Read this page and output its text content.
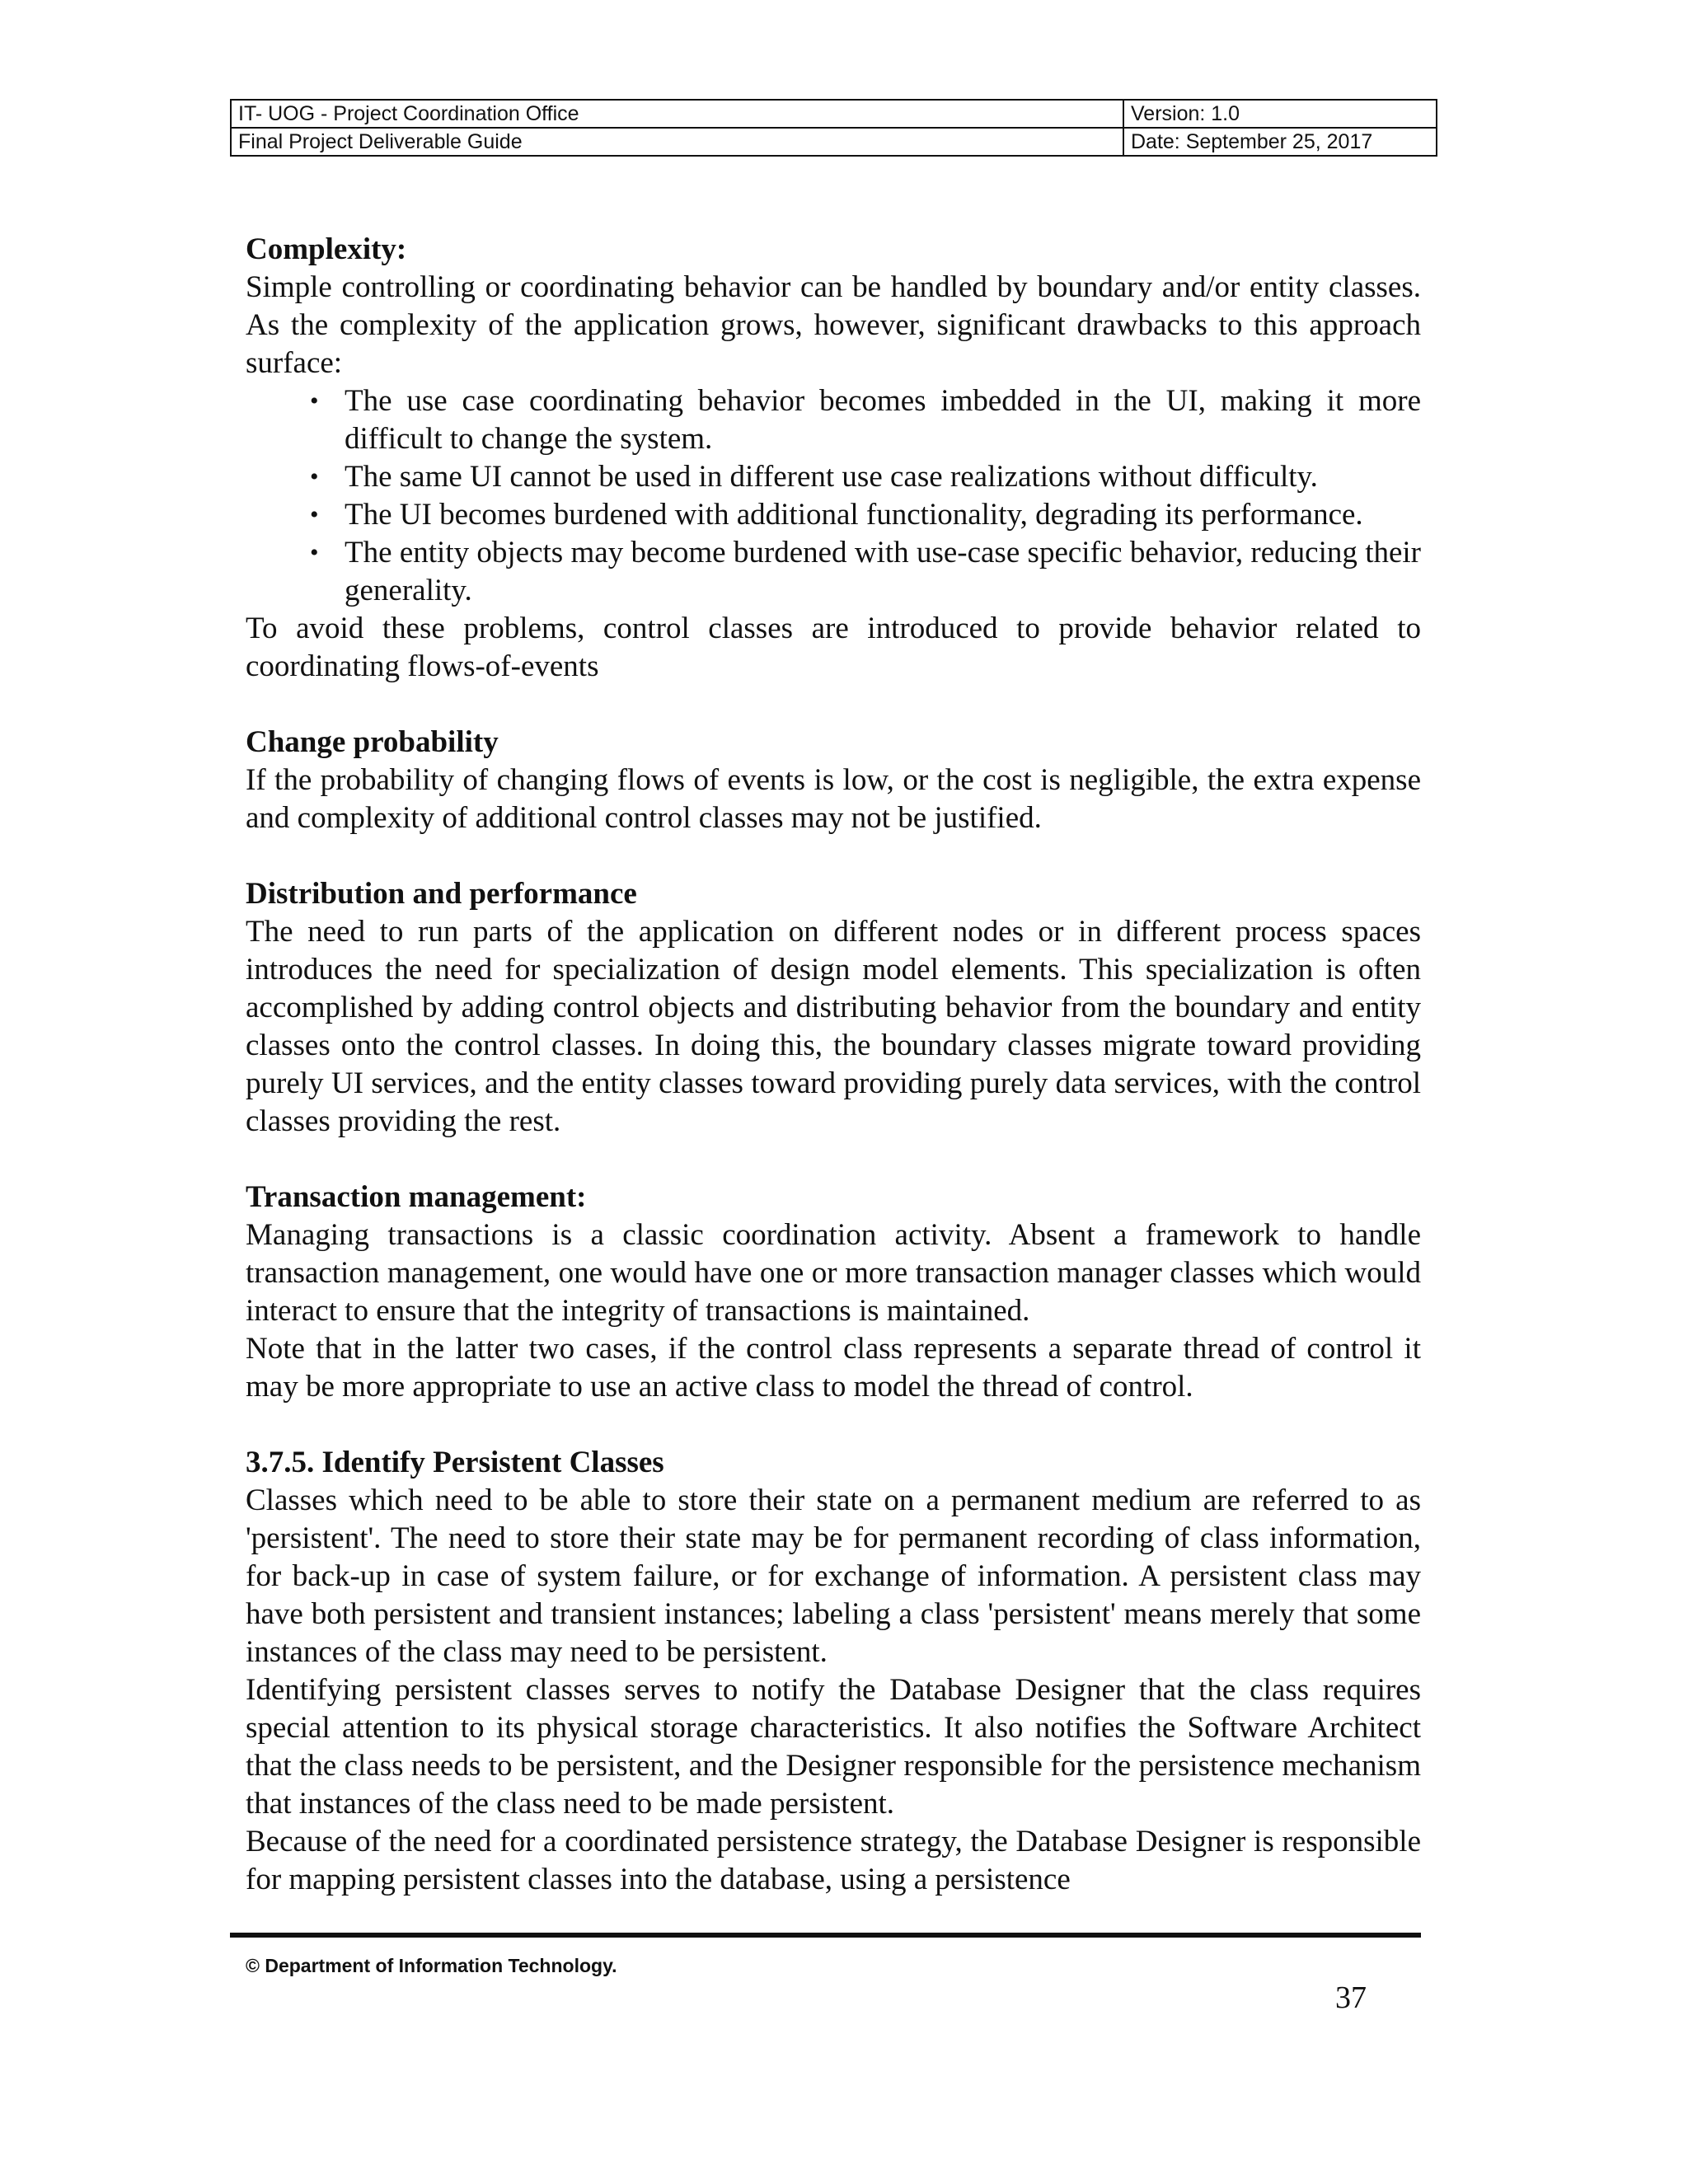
IT- UOG - Project Coordination Office	Version: 1.0
Final Project Deliverable Guide	Date: September 25, 2017
Complexity:

Simple controlling or coordinating behavior can be handled by boundary and/or entity classes. As the complexity of the application grows, however, significant drawbacks to this approach surface:

• The use case coordinating behavior becomes imbedded in the UI, making it more difficult to change the system.
• The same UI cannot be used in different use case realizations without difficulty.
• The UI becomes burdened with additional functionality, degrading its performance.
• The entity objects may become burdened with use-case specific behavior, reducing their generality.

To avoid these problems, control classes are introduced to provide behavior related to coordinating flows-of-events

Change probability

If the probability of changing flows of events is low, or the cost is negligible, the extra expense and complexity of additional control classes may not be justified.

Distribution and performance

The need to run parts of the application on different nodes or in different process spaces introduces the need for specialization of design model elements. This specialization is often accomplished by adding control objects and distributing behavior from the boundary and entity classes onto the control classes. In doing this, the boundary classes migrate toward providing purely UI services, and the entity classes toward providing purely data services, with the control classes providing the rest.

Transaction management:

Managing transactions is a classic coordination activity. Absent a framework to handle transaction management, one would have one or more transaction manager classes which would interact to ensure that the integrity of transactions is maintained.

Note that in the latter two cases, if the control class represents a separate thread of control it may be more appropriate to use an active class to model the thread of control.

3.7.5. Identify Persistent Classes

Classes which need to be able to store their state on a permanent medium are referred to as 'persistent'. The need to store their state may be for permanent recording of class information, for back-up in case of system failure, or for exchange of information. A persistent class may have both persistent and transient instances; labeling a class 'persistent' means merely that some instances of the class may need to be persistent.

Identifying persistent classes serves to notify the Database Designer that the class requires special attention to its physical storage characteristics. It also notifies the Software Architect that the class needs to be persistent, and the Designer responsible for the persistence mechanism that instances of the class need to be made persistent.

Because of the need for a coordinated persistence strategy, the Database Designer is responsible for mapping persistent classes into the database, using a persistence

© Department of Information Technology.
37
